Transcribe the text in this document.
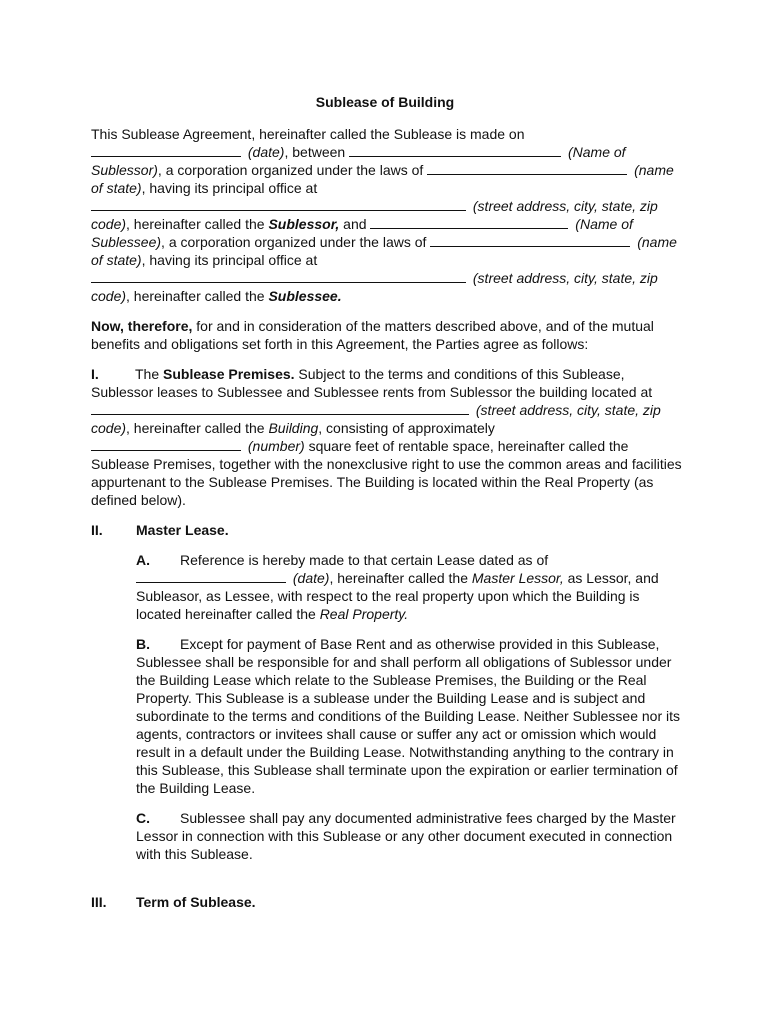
Sublease of Building

This Sublease Agreement, hereinafter called the Sublease is made on
(date), between	(Name of Sublessor), a corporation organized under the laws of	(name of state), having its principal office at
(street address, city, state, zip code), hereinafter called the Sublessor, and	(Name of Sublessee), a corporation organized under the laws of	(name of state), having its principal office at
(street address, city, state, zip code), hereinafter called the Sublessee.

Now, therefore, for and in consideration of the matters described above, and of the mutual benefits and obligations set forth in this Agreement, the Parties agree as follows:

I.	The Sublease Premises. Subject to the terms and conditions of this Sublease, Sublessor leases to Sublessee and Sublessee rents from Sublessor the building located at  (street address, city, state, zip code), hereinafter called the Building, consisting of approximately
(number) square feet of rentable space, hereinafter called the Sublease Premises, together with the nonexclusive right to use the common areas and facilities appurtenant to the Sublease Premises. The Building is located within the Real Property (as defined below).

II.	Master Lease.

A. Reference is hereby made to that certain Lease dated as of
(date), hereinafter called the Master Lessor, as Lessor, and Subleasor, as Lessee, with respect to the real property upon which the Building is located hereinafter called the Real Property.

B. Except for payment of Base Rent and as otherwise provided in this Sublease, Sublessee shall be responsible for and shall perform all obligations of Sublessor under the Building Lease which relate to the Sublease Premises, the Building or the Real Property. This Sublease is a sublease under the Building Lease and is subject and subordinate to the terms and conditions of the Building Lease. Neither Sublessee nor its agents, contractors or invitees shall cause or suffer any act or omission which would result in a default under the Building Lease. Notwithstanding anything to the contrary in this Sublease, this Sublease shall terminate upon the expiration or earlier termination of the Building Lease.

C. Sublessee shall pay any documented administrative fees charged by the Master Lessor in connection with this Sublease or any other document executed in connection with this Sublease.

III.	Term of Sublease.
